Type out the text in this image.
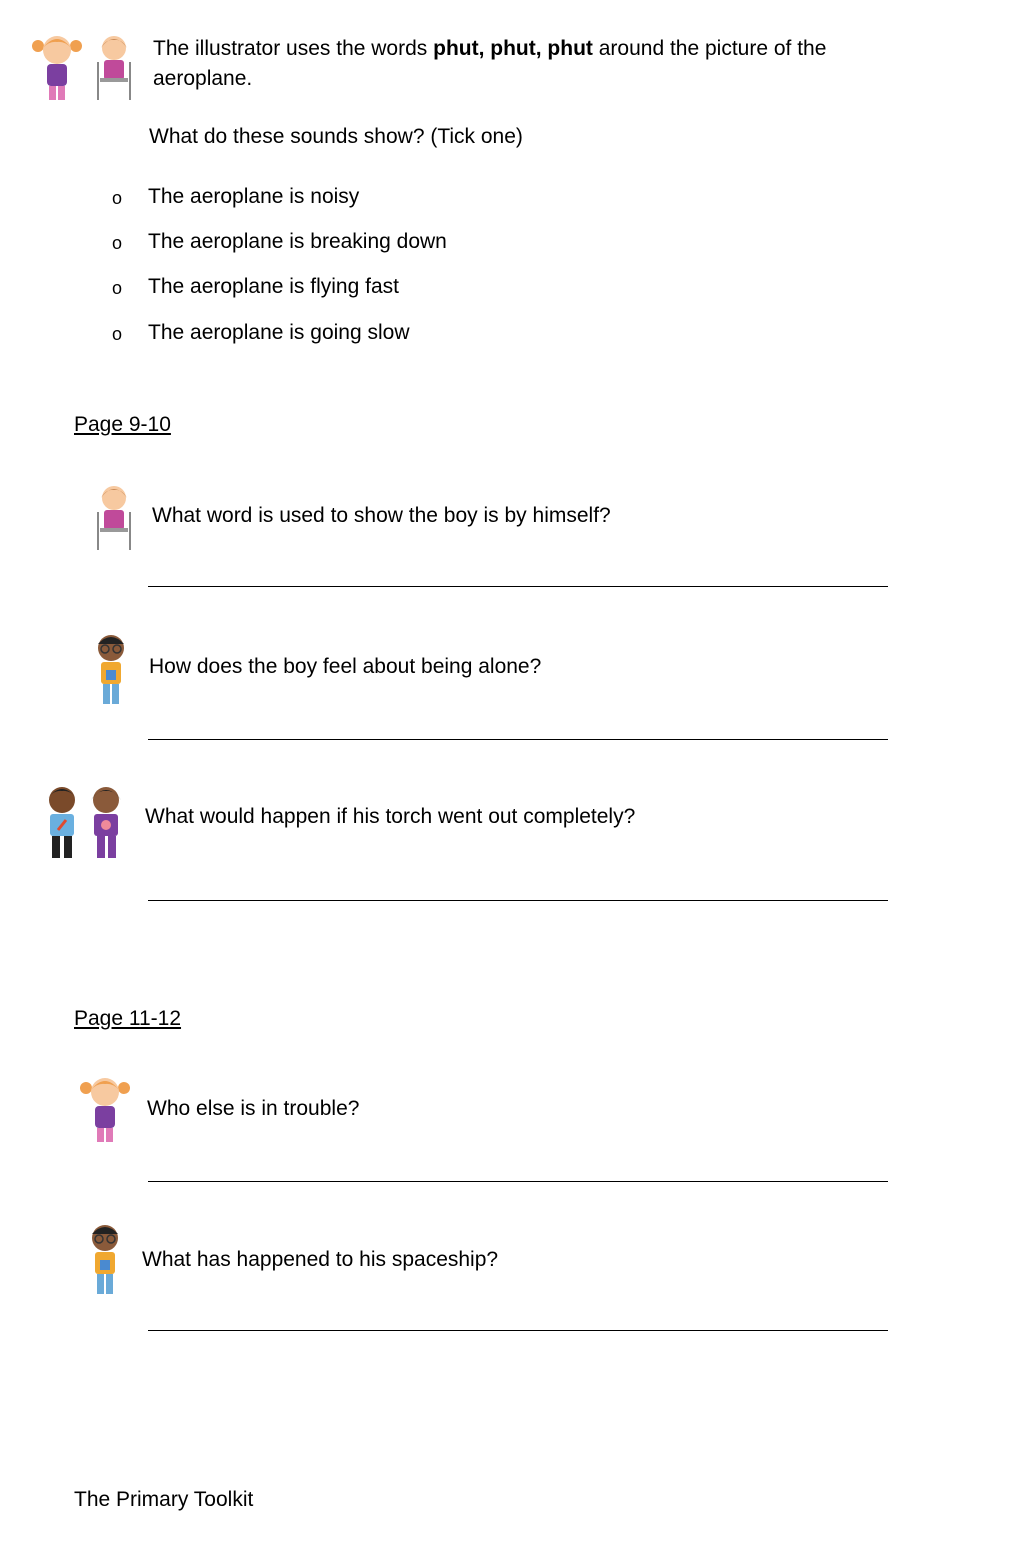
The illustrator uses the words phut, phut, phut around the picture of the
aeroplane.
What do these sounds show? (Tick one)
o The aeroplane is noisy
o The aeroplane is breaking down
o The aeroplane is flying fast
o The aeroplane is going slow
Page 9-10
What word is used to show the boy is by himself?
How does the boy feel about being alone?
What would happen if his torch went out completely?
Page 11-12
Who else is in trouble?
What has happened to his spaceship?
The Primary Toolkit
